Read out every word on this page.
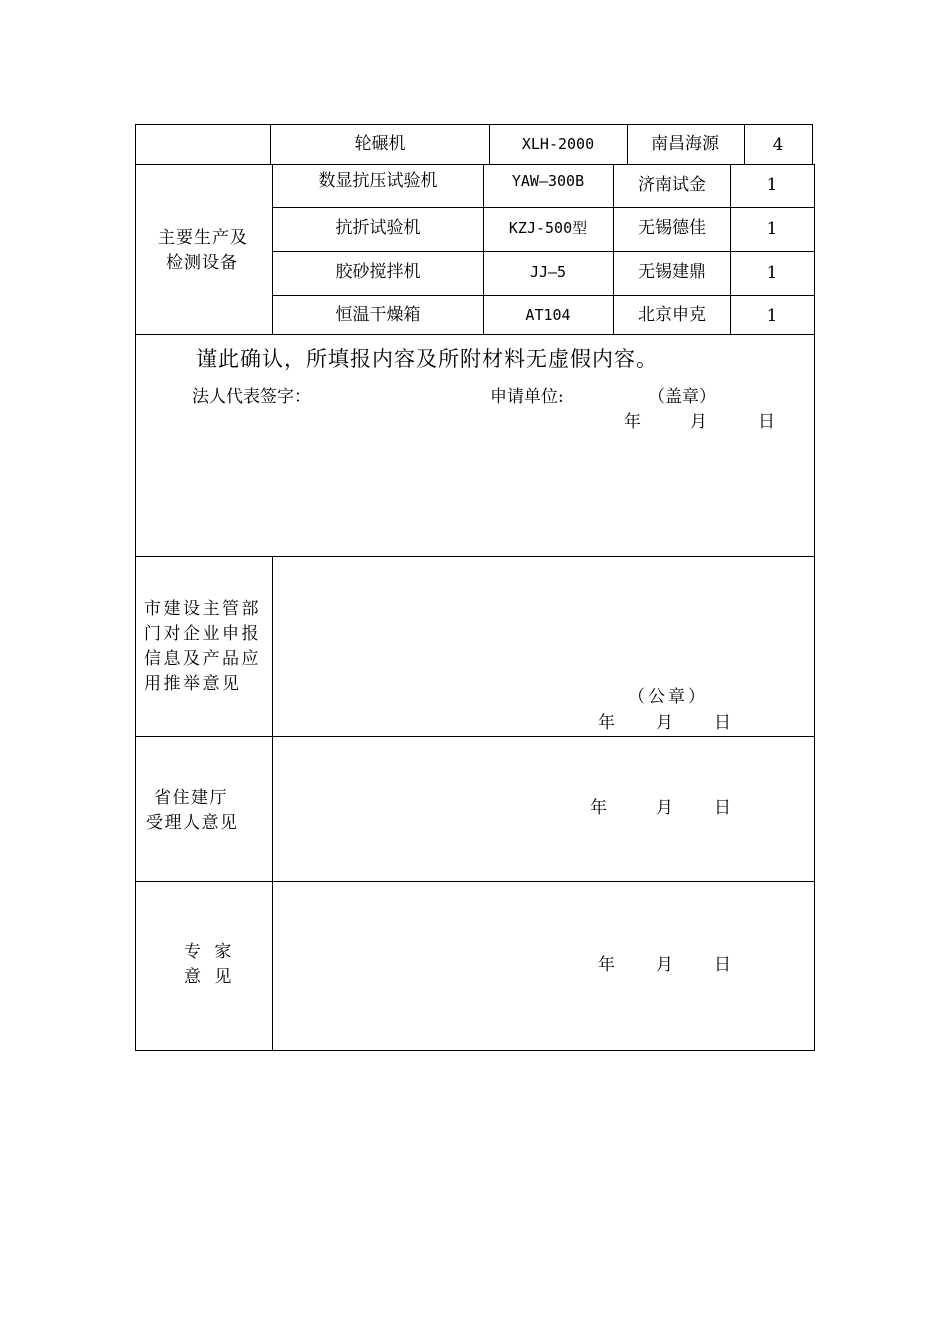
轮碾机	XLH-2000	南昌海源	4
主要生产及
检测设备
数显抗压试验机	YAW—300B	济南试金	1
抗折试验机	KZJ-500型	无锡德佳	1
胶砂搅拌机	JJ—5	无锡建鼎	1
恒温干燥箱	AT104	北京申克	1
谨此确认，所填报内容及所附材料无虚假内容。
法人代表签字：	申请单位:	（盖章）
年	月	日
市建设主管部
门对企业申报
信息及产品应
用推举意见
（公章）
年 月 日
省住建厅
受理人意见
年	月 日
专 家
意 见
年 月 日
